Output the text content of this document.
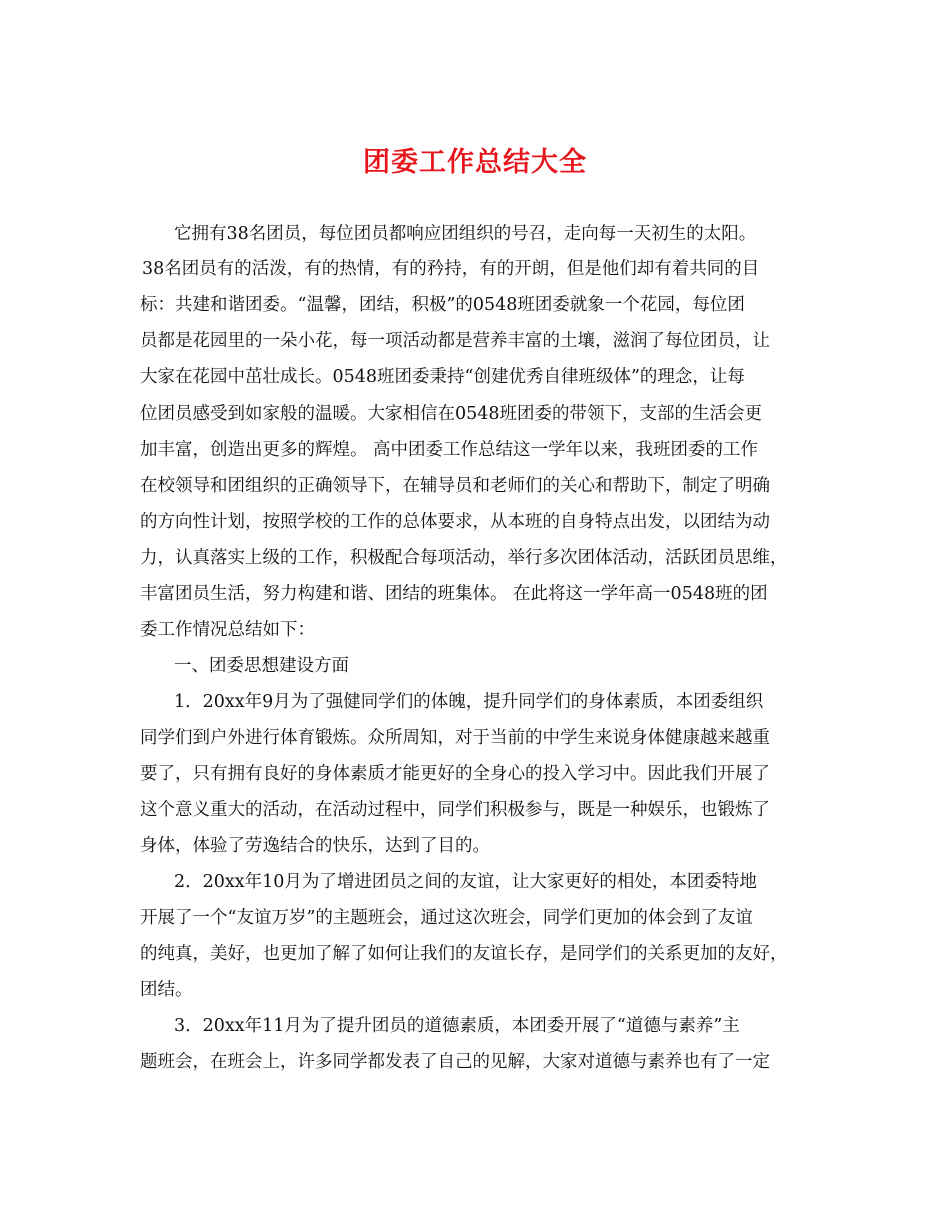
团委工作总结大全
它拥有38名团员，每位团员都响应团组织的号召，走向每一天初生的太阳。
38名团员有的活泼，有的热情，有的矜持，有的开朗，但是他们却有着共同的目
标：共建和谐团委。“温馨，团结，积极”的0548班团委就象一个花园，每位团
员都是花园里的一朵小花，每一项活动都是营养丰富的土壤，滋润了每位团员，让
大家在花园中茁壮成长。0548班团委秉持“创建优秀自律班级体”的理念，让每
位团员感受到如家般的温暖。大家相信在0548班团委的带领下，支部的生活会更
加丰富，创造出更多的辉煌。 高中团委工作总结这一学年以来，我班团委的工作
在校领导和团组织的正确领导下，在辅导员和老师们的关心和帮助下，制定了明确
的方向性计划，按照学校的工作的总体要求，从本班的自身特点出发，以团结为动
力，认真落实上级的工作，积极配合每项活动，举行多次团体活动，活跃团员思维，
丰富团员生活，努力构建和谐、团结的班集体。 在此将这一学年高一0548班的团
委工作情况总结如下：
一、团委思想建设方面
1．20xx年9月为了强健同学们的体魄，提升同学们的身体素质，本团委组织
同学们到户外进行体育锻炼。众所周知，对于当前的中学生来说身体健康越来越重
要了，只有拥有良好的身体素质才能更好的全身心的投入学习中。因此我们开展了
这个意义重大的活动，在活动过程中，同学们积极参与，既是一种娱乐，也锻炼了
身体，体验了劳逸结合的快乐，达到了目的。
2．20xx年10月为了增进团员之间的友谊，让大家更好的相处，本团委特地
开展了一个“友谊万岁”的主题班会，通过这次班会，同学们更加的体会到了友谊
的纯真，美好，也更加了解了如何让我们的友谊长存，是同学们的关系更加的友好，
团结。
3．20xx年11月为了提升团员的道德素质，本团委开展了“道德与素养”主
题班会，在班会上，许多同学都发表了自己的见解，大家对道德与素养也有了一定
